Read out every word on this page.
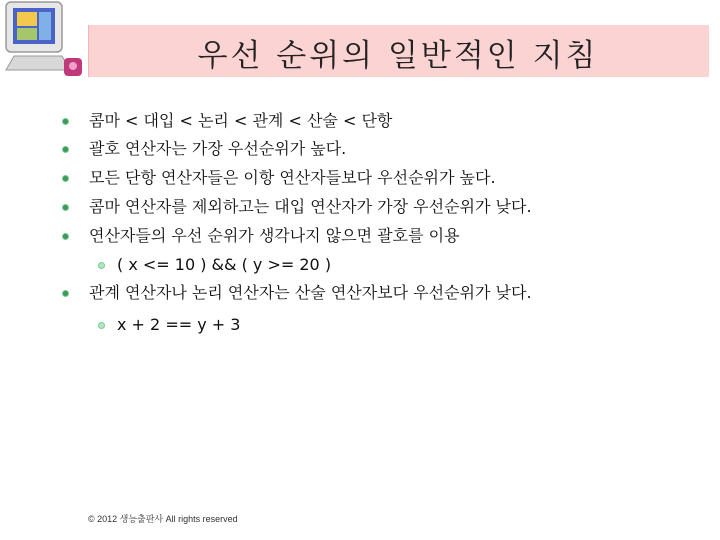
우선 순위의 일반적인 지침
콤마 < 대입 < 논리 < 관계 < 산술 < 단항
괄호 연산자는 가장 우선순위가 높다.
모든 단항 연산자들은 이항 연산자들보다 우선순위가 높다.
콤마 연산자를 제외하고는 대입 연산자가 가장 우선순위가 낮다.
연산자들의 우선 순위가 생각나지 않으면 괄호를 이용
( x <= 10 ) && ( y >= 20 )
관계 연산자나 논리 연산자는 산술 연산자보다 우선순위가 낮다.
x + 2 == y + 3
© 2012 생능출판사 All rights reserved
